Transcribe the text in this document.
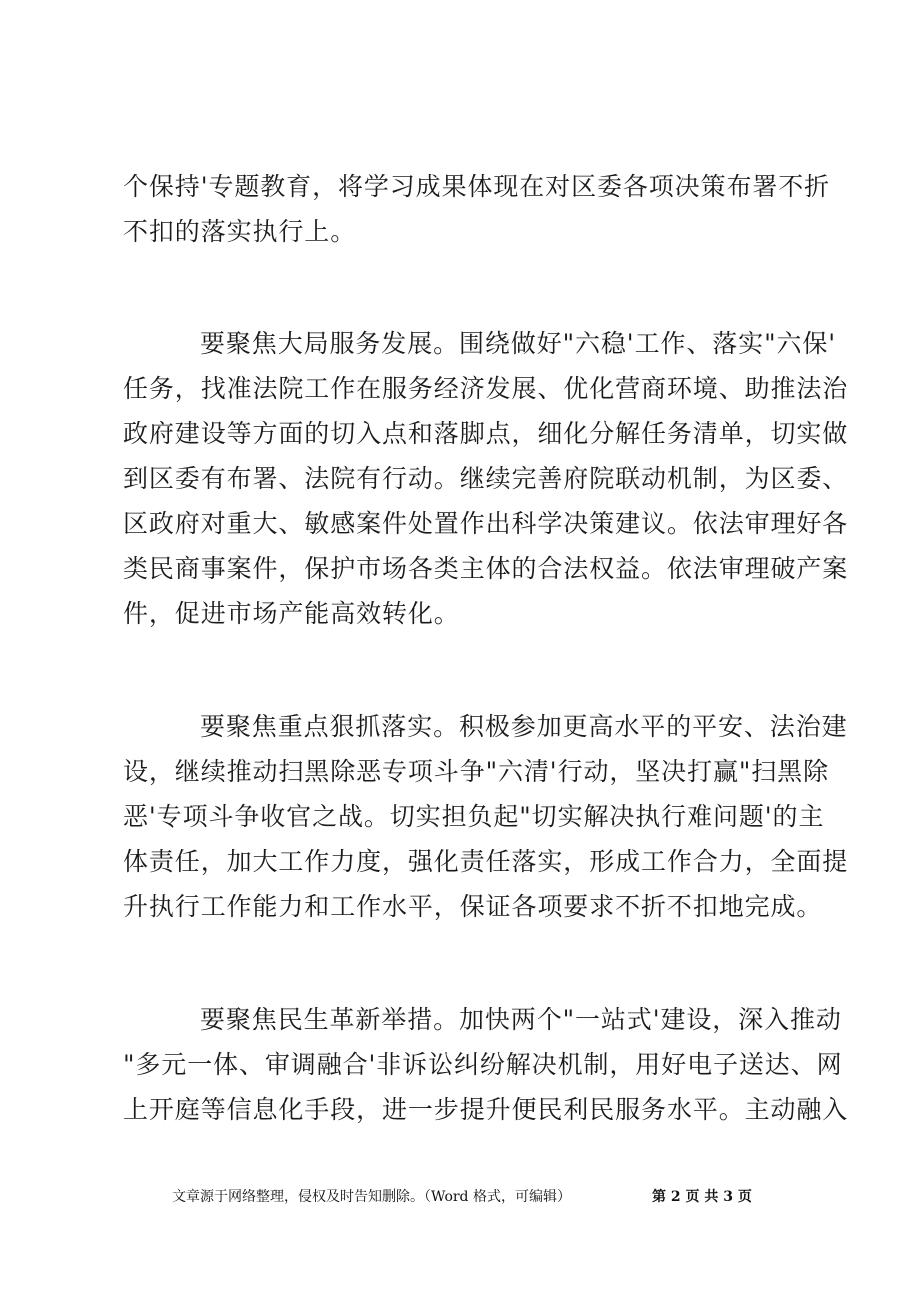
个保持'专题教育，将学习成果体现在对区委各项决策布署不折
不扣的落实执行上。
要聚焦大局服务发展。围绕做好"六稳'工作、落实"六保'
任务，找准法院工作在服务经济发展、优化营商环境、助推法治
政府建设等方面的切入点和落脚点，细化分解任务清单，切实做
到区委有布署、法院有行动。继续完善府院联动机制，为区委、
区政府对重大、敏感案件处置作出科学决策建议。依法审理好各
类民商事案件，保护市场各类主体的合法权益。依法审理破产案
件，促进市场产能高效转化。
要聚焦重点狠抓落实。积极参加更高水平的平安、法治建
设，继续推动扫黑除恶专项斗争"六清'行动，坚决打赢"扫黑除
恶'专项斗争收官之战。切实担负起"切实解决执行难问题'的主
体责任，加大工作力度，强化责任落实，形成工作合力，全面提
升执行工作能力和工作水平，保证各项要求不折不扣地完成。
要聚焦民生革新举措。加快两个"一站式'建设，深入推动
"多元一体、审调融合'非诉讼纠纷解决机制，用好电子送达、网
上开庭等信息化手段，进一步提升便民利民服务水平。主动融入
文章源于网络整理，侵权及时告知删除。（Word 格式，可编辑）	第 2 页 共 3 页
